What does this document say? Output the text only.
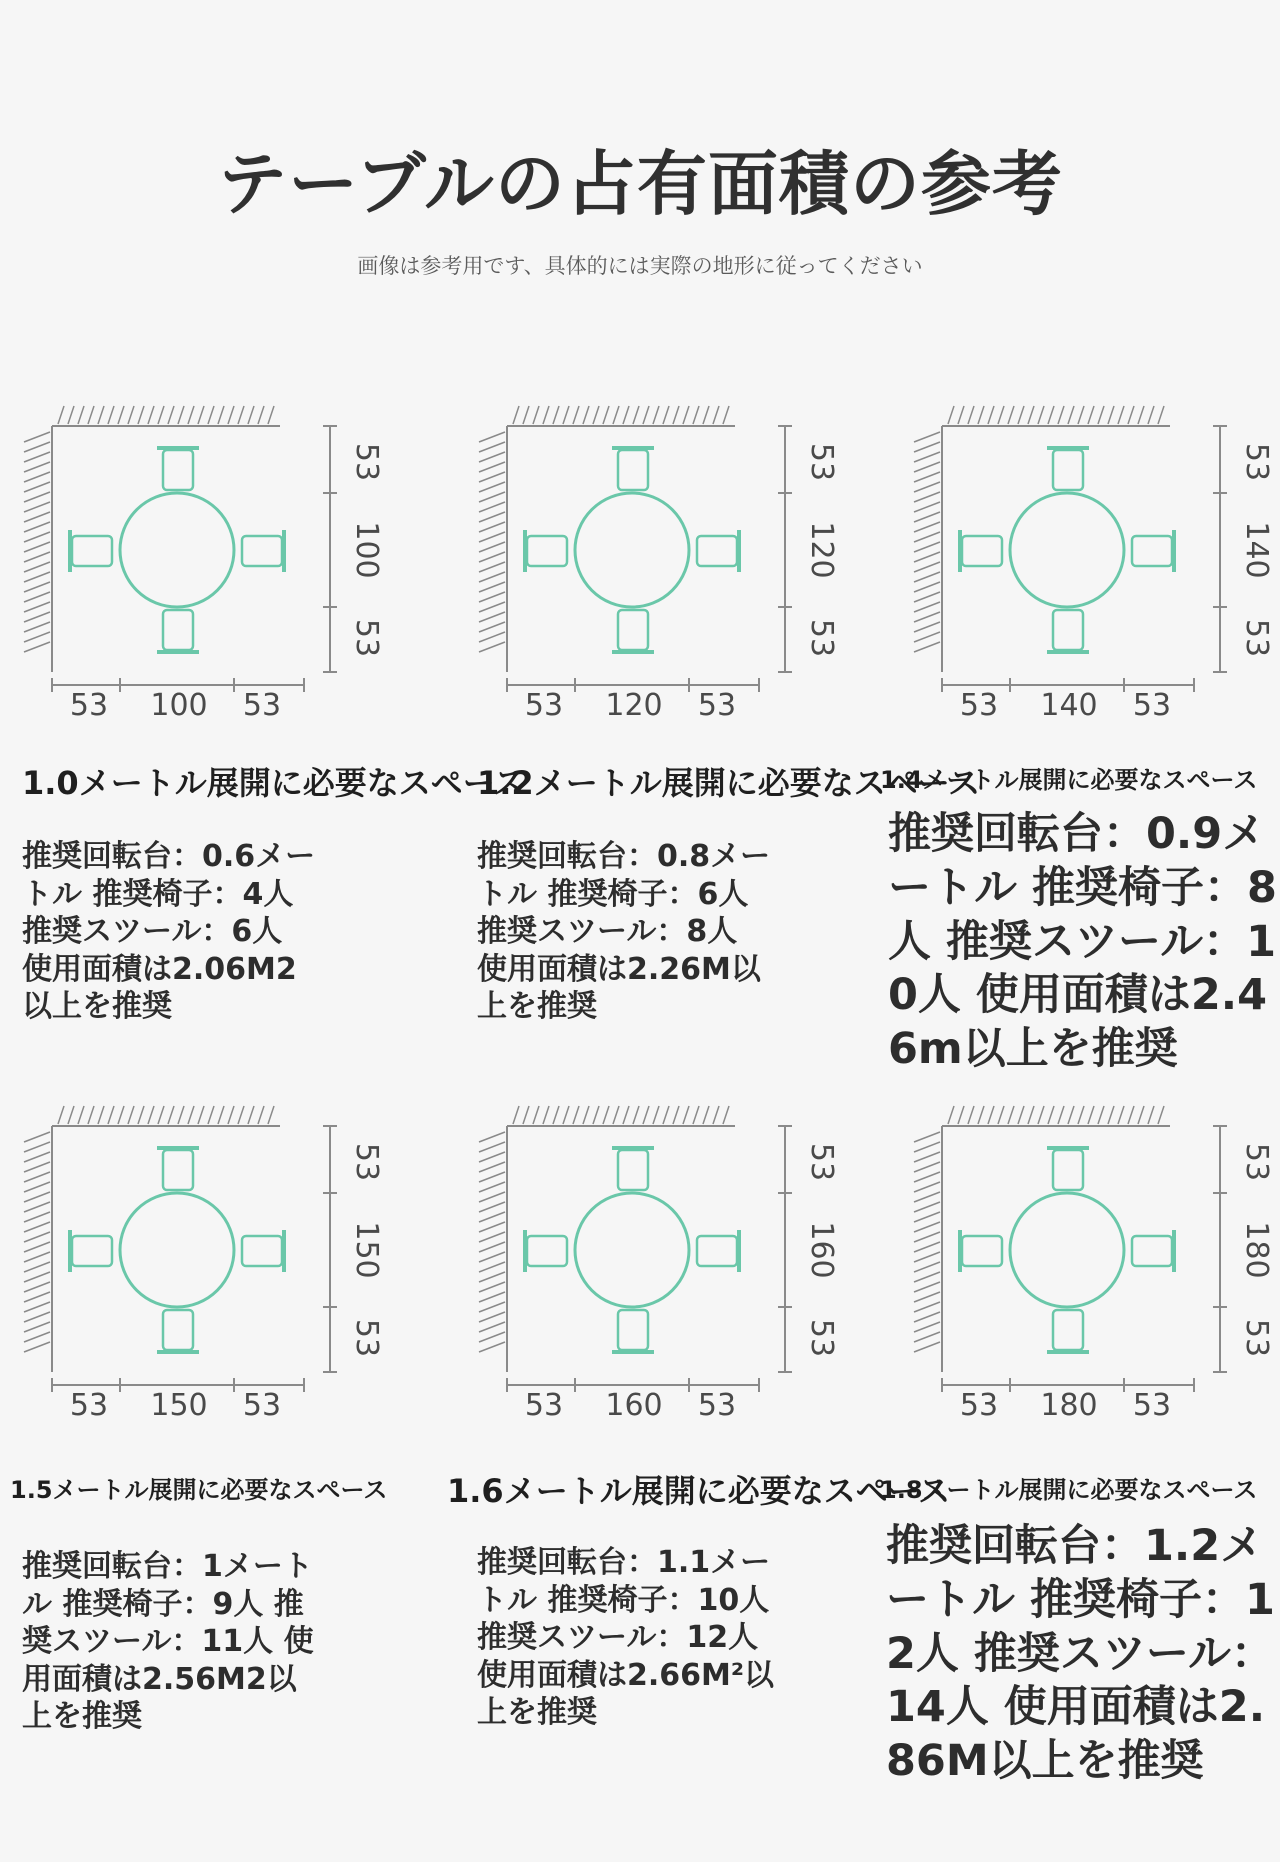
テーブルの占有面積の参考
画像は参考用です、具体的には実際の地形に従ってください
53 100 53
53
100
53
1.0メートル展開に必要なスペース
推奨回転台：0.6メートル 推奨椅子：4人 推奨スツール：6人 使用面積は2.06M2以上を推奨
53 120 53
53
120
53
1.2メートル展開に必要なスペース
推奨回転台：0.8メートル 推奨椅子：6人 推奨スツール：8人 使用面積は2.26M以上を推奨
53 140 53
53
140
53
1.4メートル展開に必要なスペース
推奨回転台：0.9メートル 推奨椅子：8人 推奨スツール：10人 使用面積は2.46m以上を推奨
53 150 53
53
150
53
1.5メートル展開に必要なスペース
推奨回転台：1メートル 推奨椅子：9人 推奨スツール：11人 使用面積は2.56M2以上を推奨
53 160 53
53
160
53
1.6メートル展開に必要なスペース
推奨回転台：1.1メートル 推奨椅子：10人 推奨スツール：12人 使用面積は2.66M²以上を推奨
53 180 53
53
180
53
1.8メートル展開に必要なスペース
推奨回転台：1.2メートル 推奨椅子：12人 推奨スツール：14人 使用面積は2.86M以上を推奨
